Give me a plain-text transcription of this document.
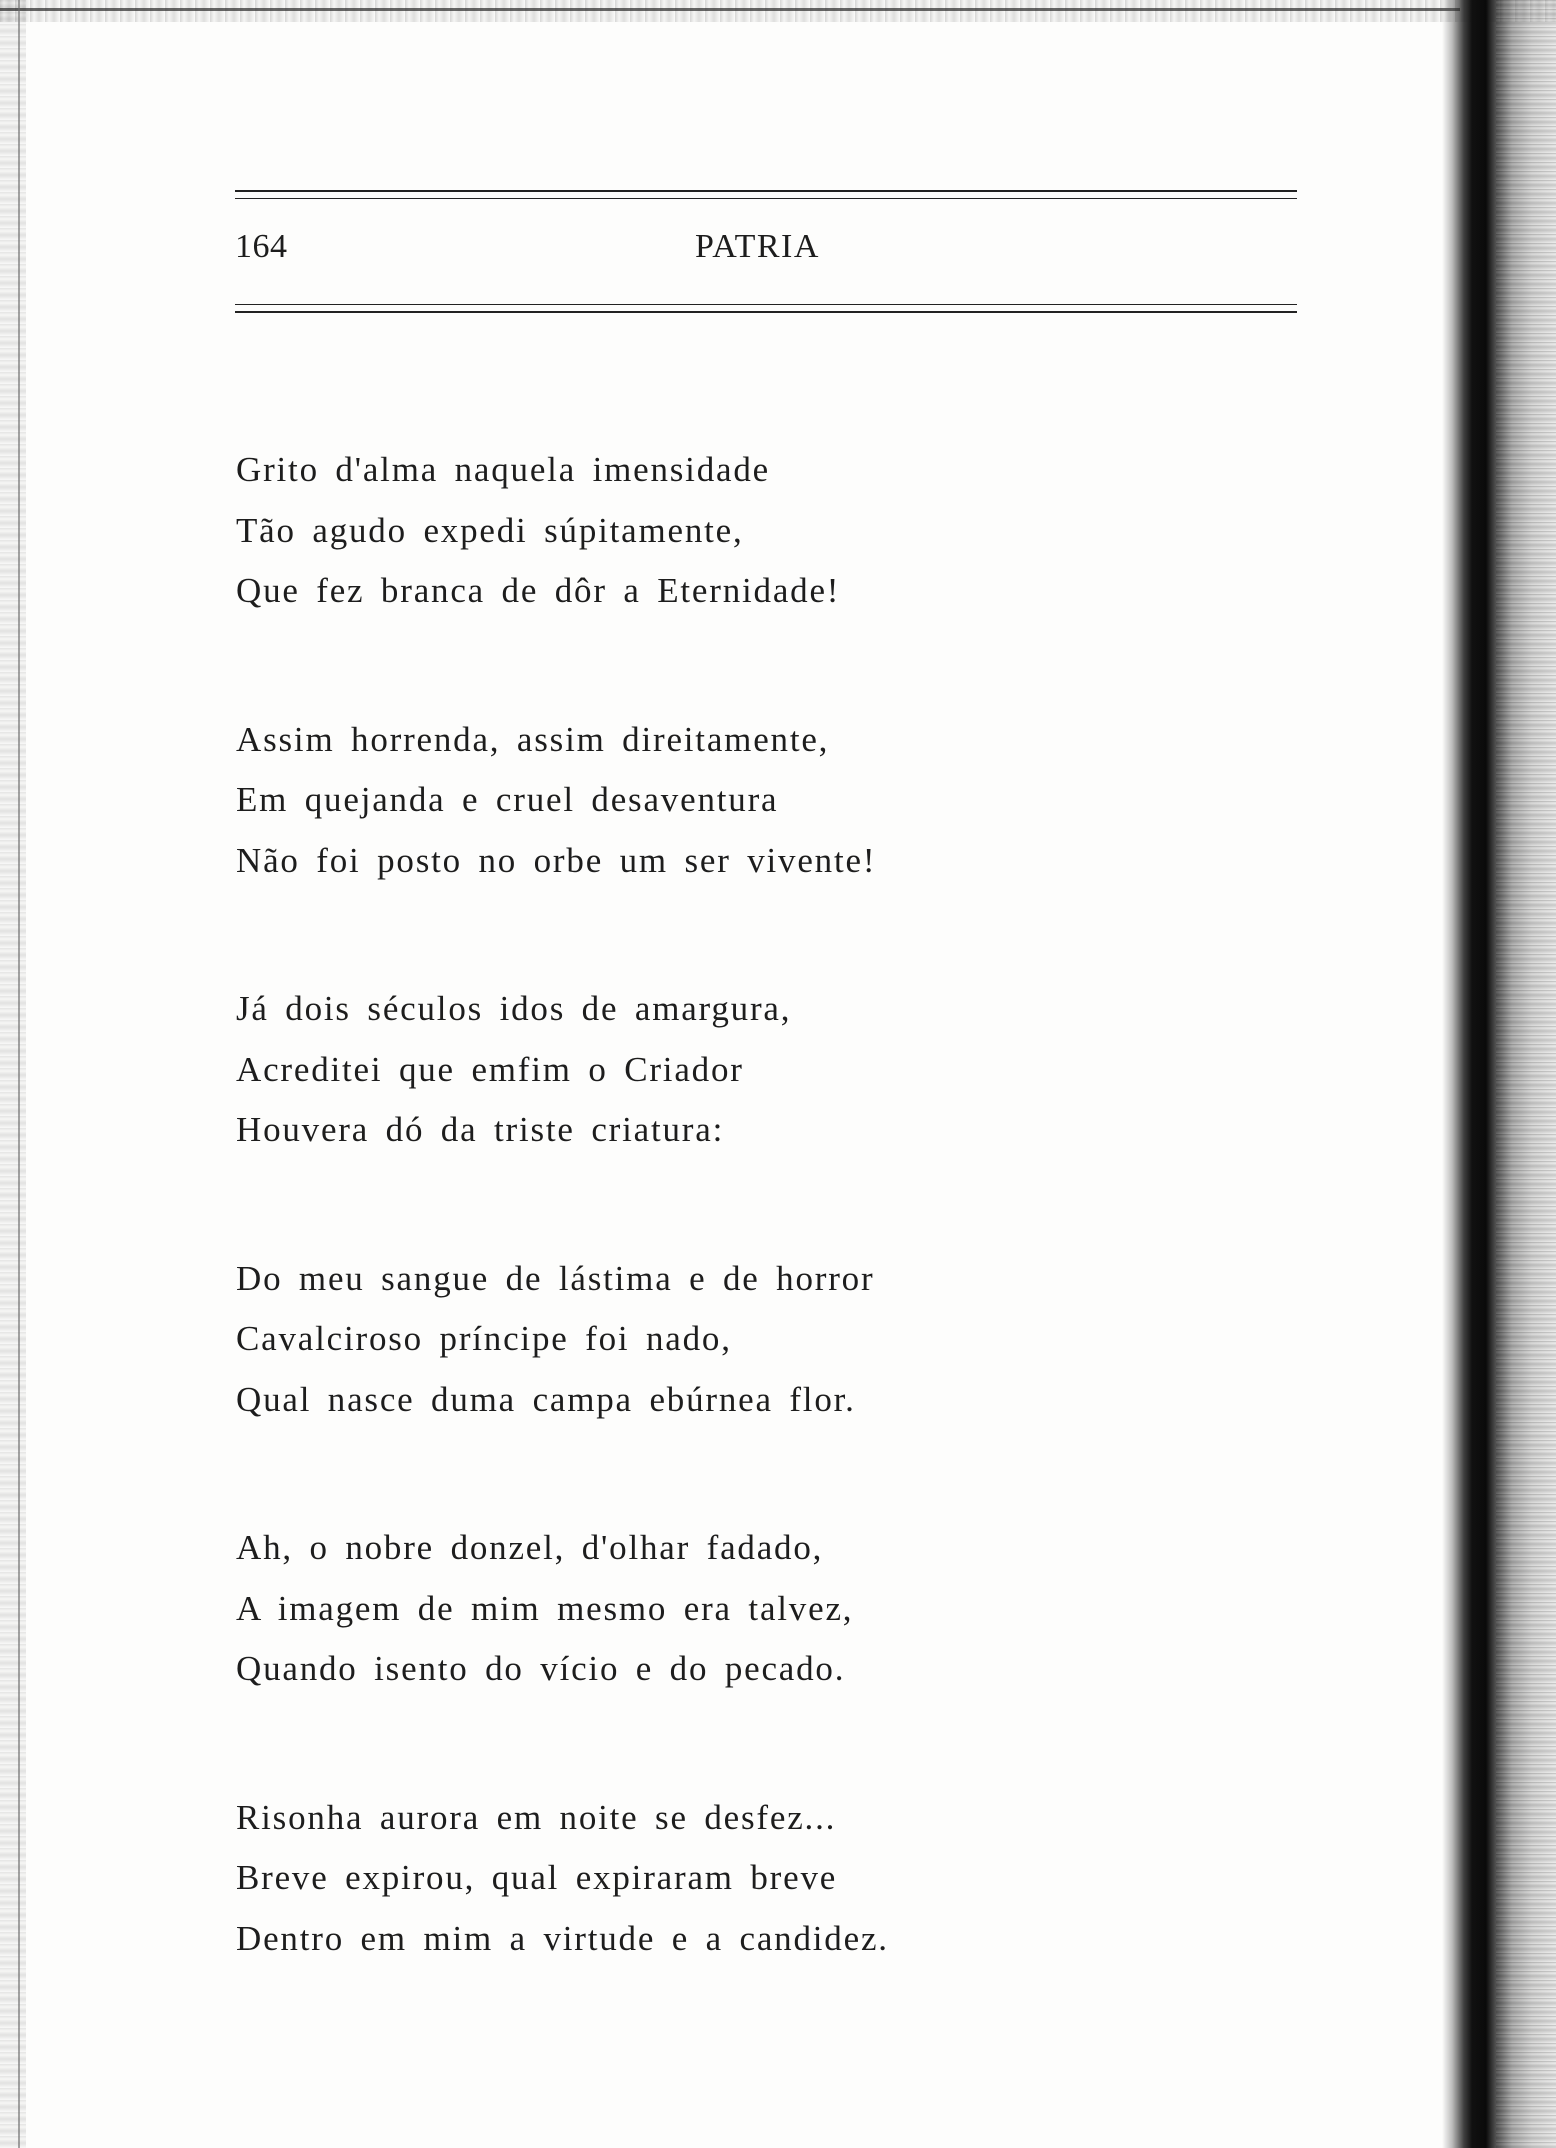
164	PATRIA
Grito d'alma naquela imensidade
Tão agudo expedi súpitamente,
Que fez branca de dôr a Eternidade!
Assim horrenda, assim direitamente,
Em quejanda e cruel desaventura
Não foi posto no orbe um ser vivente!
Já dois séculos idos de amargura,
Acreditei que emfim o Criador
Houvera dó da triste criatura:
Do meu sangue de lástima e de horror
Cavalciroso príncipe foi nado,
Qual nasce duma campa ebúrnea flor.
Ah, o nobre donzel, d'olhar fadado,
A imagem de mim mesmo era talvez,
Quando isento do vício e do pecado.
Risonha aurora em noite se desfez...
Breve expirou, qual expiraram breve
Dentro em mim a virtude e a candidez.
